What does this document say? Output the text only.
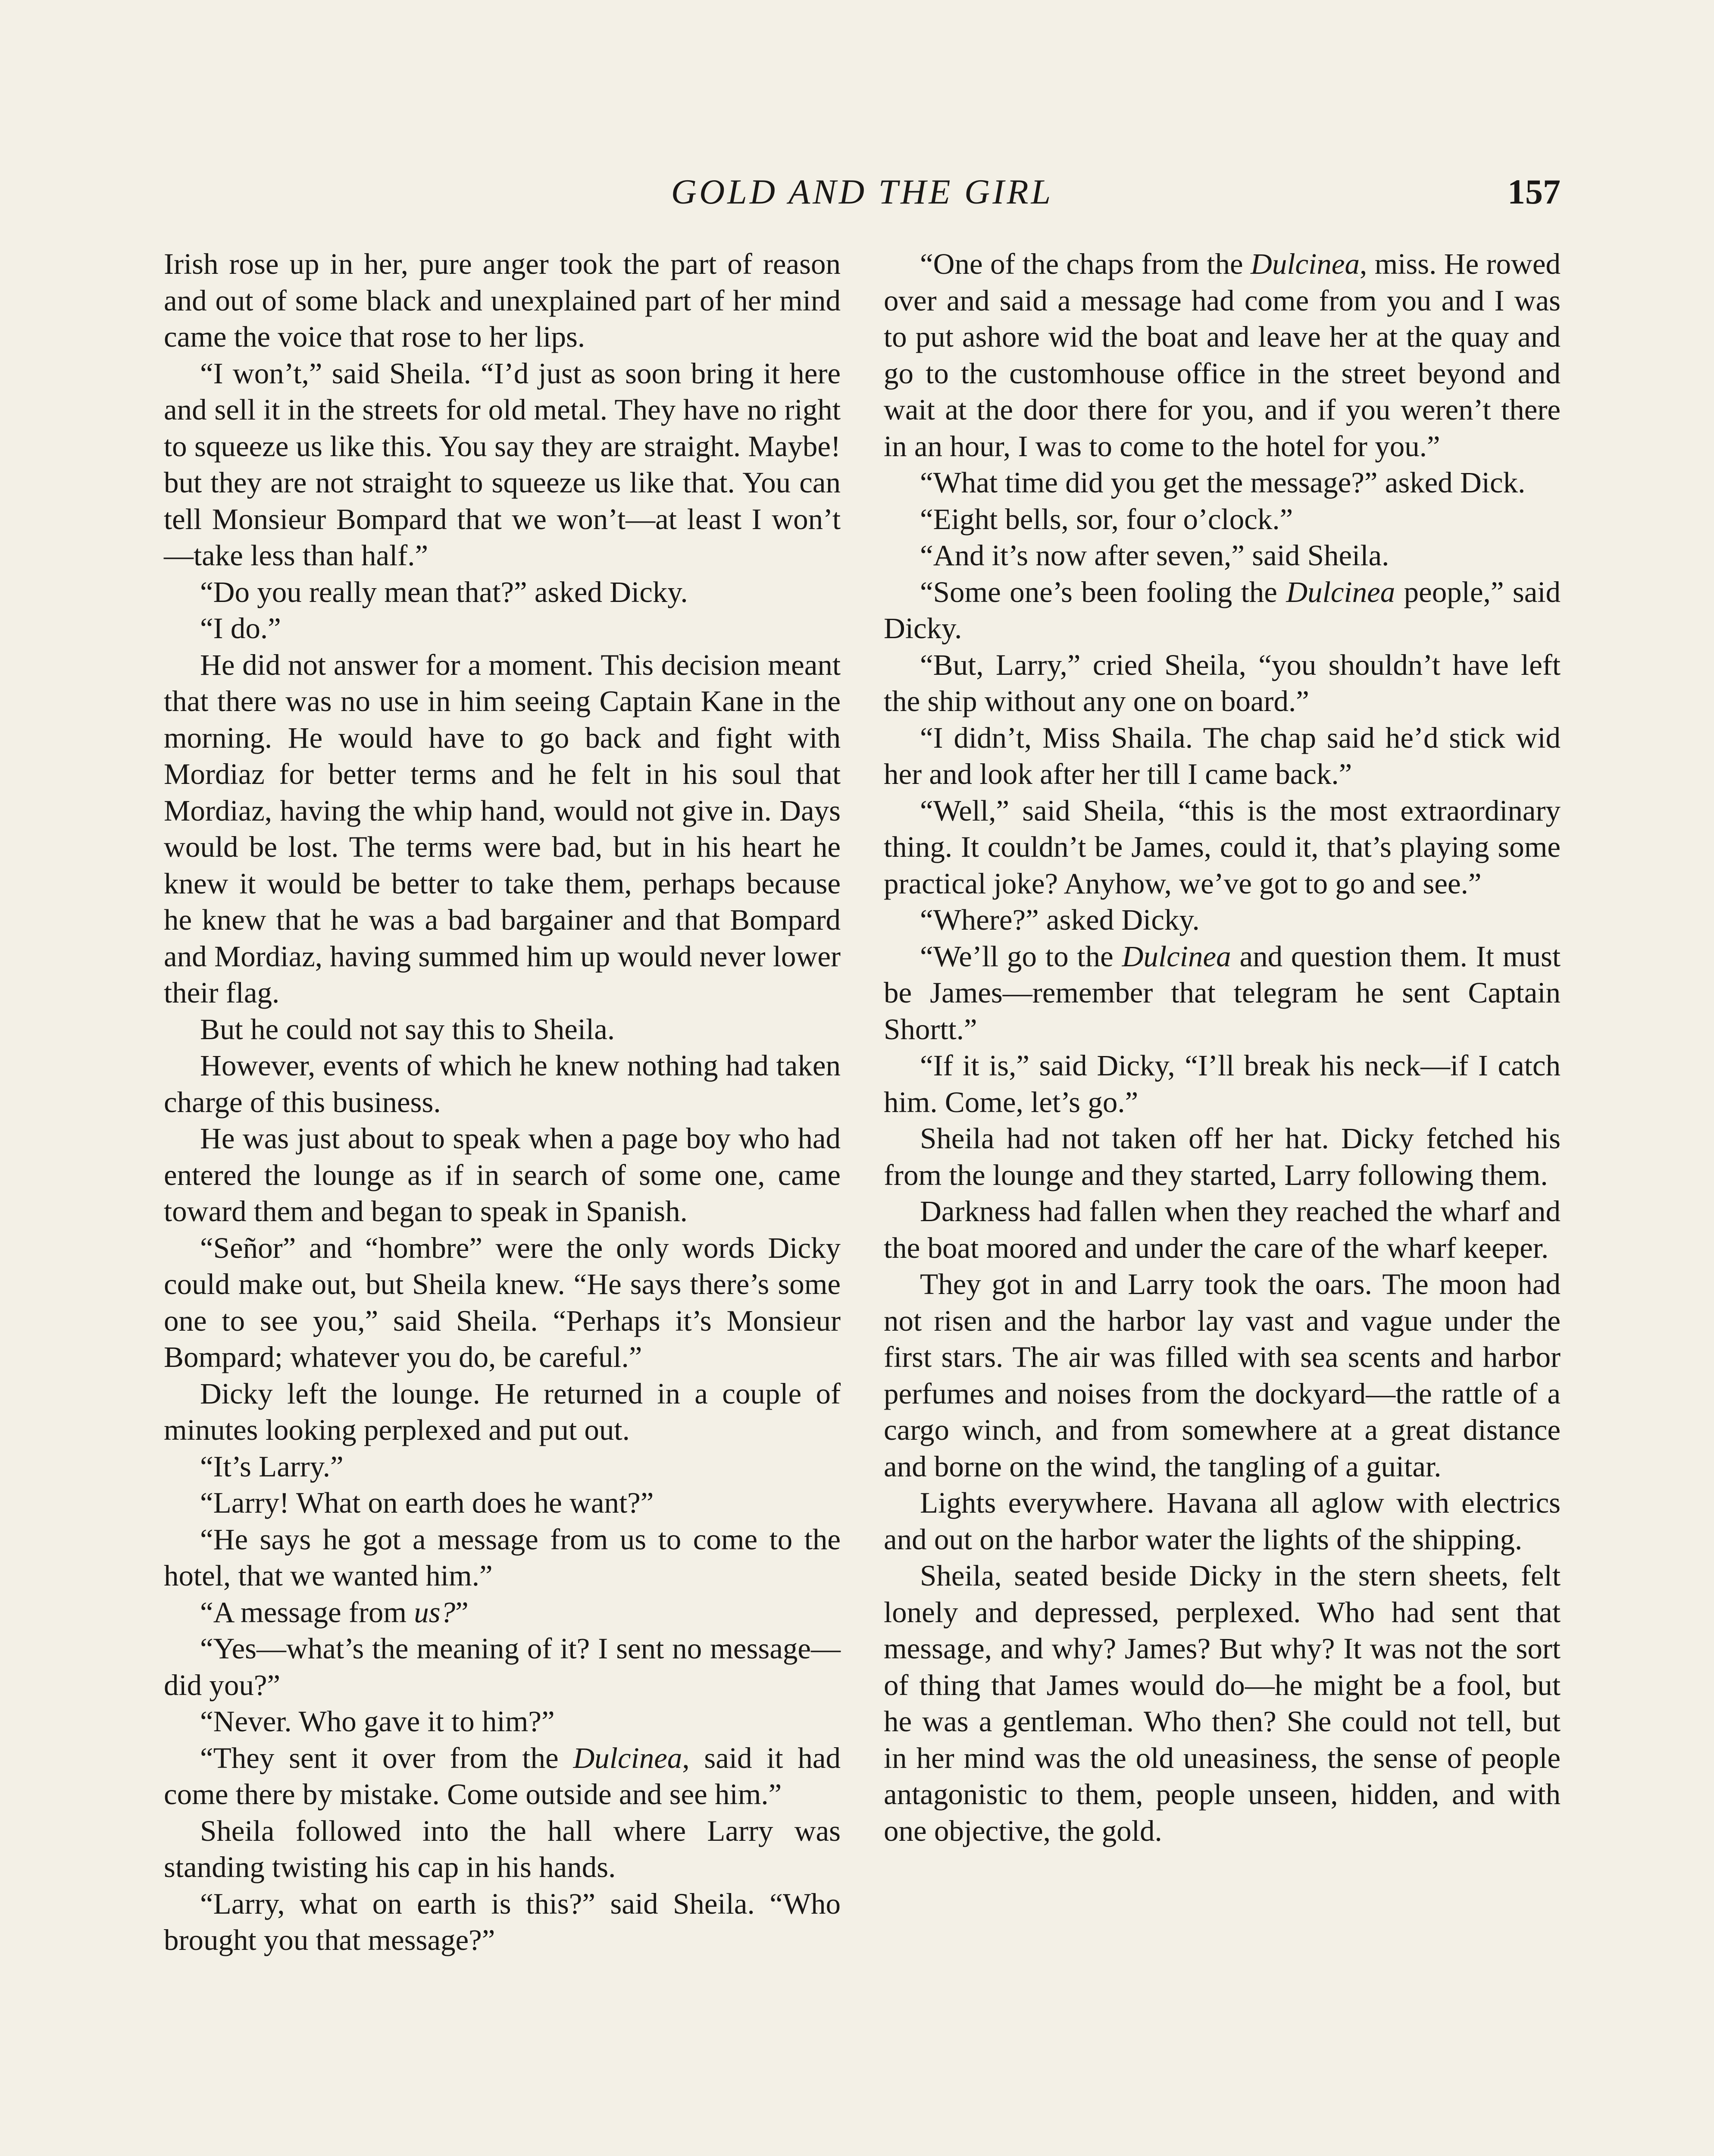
GOLD AND THE GIRL	157

Irish rose up in her, pure anger took the part of reason and out of some black and unexplained part of her mind came the voice that rose to her lips.

“I won’t,” said Sheila. “I’d just as soon bring it here and sell it in the streets for old metal. They have no right to squeeze us like this. You say they are straight. Maybe! but they are not straight to squeeze us like that. You can tell Monsieur Bompard that we won’t—at least I won’t—take less than half.”

“Do you really mean that?” asked Dicky.

“I do.”

He did not answer for a moment. This decision meant that there was no use in him seeing Captain Kane in the morning. He would have to go back and fight with Mordiaz for better terms and he felt in his soul that Mordiaz, having the whip hand, would not give in. Days would be lost. The terms were bad, but in his heart he knew it would be better to take them, perhaps because he knew that he was a bad bargainer and that Bompard and Mordiaz, having summed him up would never lower their flag.

But he could not say this to Sheila.

However, events of which he knew nothing had taken charge of this business.

He was just about to speak when a page boy who had entered the lounge as if in search of some one, came toward them and began to speak in Spanish.

“Señor” and “hombre” were the only words Dicky could make out, but Sheila knew. “He says there’s some one to see you,” said Sheila. “Perhaps it’s Monsieur Bompard; whatever you do, be careful.”

Dicky left the lounge. He returned in a couple of minutes looking perplexed and put out.

“It’s Larry.”

“Larry! What on earth does he want?”

“He says he got a message from us to come to the hotel, that we wanted him.”

“A message from us?”

“Yes—what’s the meaning of it? I sent no message—did you?”

“Never. Who gave it to him?”

“They sent it over from the Dulcinea, said it had come there by mistake. Come outside and see him.”

Sheila followed into the hall where Larry was standing twisting his cap in his hands.

“Larry, what on earth is this?” said Sheila. “Who brought you that message?”

“One of the chaps from the Dulcinea, miss. He rowed over and said a message had come from you and I was to put ashore wid the boat and leave her at the quay and go to the customhouse office in the street beyond and wait at the door there for you, and if you weren’t there in an hour, I was to come to the hotel for you.”

“What time did you get the message?” asked Dick.

“Eight bells, sor, four o’clock.”

“And it’s now after seven,” said Sheila.

“Some one’s been fooling the Dulcinea people,” said Dicky.

“But, Larry,” cried Sheila, “you shouldn’t have left the ship without any one on board.”

“I didn’t, Miss Shaila. The chap said he’d stick wid her and look after her till I came back.”

“Well,” said Sheila, “this is the most extraordinary thing. It couldn’t be James, could it, that’s playing some practical joke? Anyhow, we’ve got to go and see.”

“Where?” asked Dicky.

“We’ll go to the Dulcinea and question them. It must be James—remember that telegram he sent Captain Shortt.”

“If it is,” said Dicky, “I’ll break his neck—if I catch him. Come, let’s go.”

Sheila had not taken off her hat. Dicky fetched his from the lounge and they started, Larry following them.

Darkness had fallen when they reached the wharf and the boat moored and under the care of the wharf keeper.

They got in and Larry took the oars. The moon had not risen and the harbor lay vast and vague under the first stars. The air was filled with sea scents and harbor perfumes and noises from the dockyard—the rattle of a cargo winch, and from somewhere at a great distance and borne on the wind, the tangling of a guitar.

Lights everywhere. Havana all aglow with electrics and out on the harbor water the lights of the shipping.

Sheila, seated beside Dicky in the stern sheets, felt lonely and depressed, perplexed. Who had sent that message, and why? James? But why? It was not the sort of thing that James would do—he might be a fool, but he was a gentleman. Who then? She could not tell, but in her mind was the old uneasiness, the sense of people antagonistic to them, people unseen, hidden, and with one objective, the gold.
